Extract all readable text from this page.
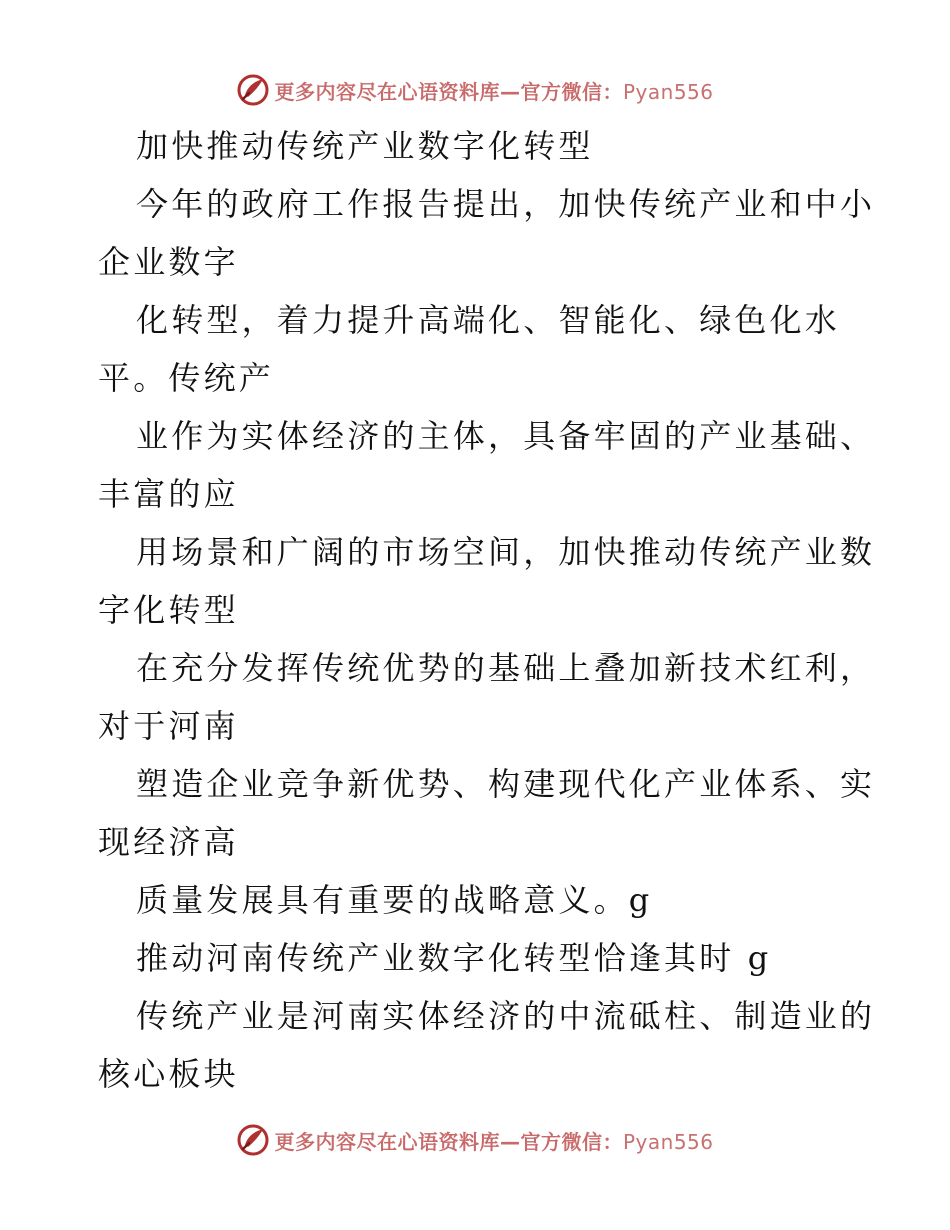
更多内容尽在心语资料库—官方微信：Pyan556
加快推动传统产业数字化转型
今年的政府工作报告提出，加快传统产业和中小
企业数字
化转型，着力提升高端化、智能化、绿色化水
平。传统产
业作为实体经济的主体，具备牢固的产业基础、
丰富的应
用场景和广阔的市场空间，加快推动传统产业数
字化转型
在充分发挥传统优势的基础上叠加新技术红利，
对于河南
塑造企业竞争新优势、构建现代化产业体系、实
现经济高
质量发展具有重要的战略意义。g
推动河南传统产业数字化转型恰逢其时 g
传统产业是河南实体经济的中流砥柱、制造业的
核心板块
更多内容尽在心语资料库—官方微信：Pyan556
